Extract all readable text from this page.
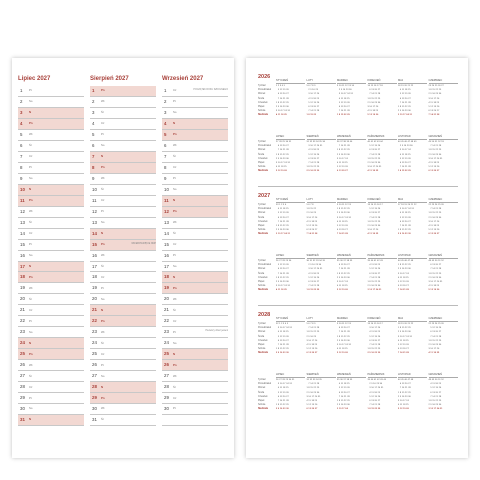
Lipiec 2027
1 Pt
2 So
3 N
4 Pn
5 Wt
6 Śr
7 Cz
8 Pt
9 So
10 N
11 Pn
12 Wt
13 Śr
14 Cz
15 Pt
16 So
17 N
18 Pn
19 Wt
20 Śr
21 Cz
22 Pt
23 So
24 N
25 Pn
26 Wt
27 Śr
28 Cz
29 Pt
30 So
31 N
Sierpień 2027
1 Pn
2 Wt
3 Śr
4 Cz
5 Pt
6 So
7 N
8 Pn
9 Wt
10 Śr
11 Cz
12 Pt
13 So
14 N
15 Pn	WNIEBOWZIĘCIE NMP
16 Wt
17 Śr
18 Cz
19 Pt
20 So
21 N
22 Pn
23 Wt
24 Śr
25 Cz
26 Pt
27 So
28 N
29 Pn
30 Wt
31 Śr
Wrzesień 2027
1 Cz	POCZĄTEK ROKU SZKOLNEGO
2 Pt
3 So
4 N
5 Pn
6 Wt
7 Śr
8 Cz
9 Pt
10 So
11 N
12 Pn
13 Wt
14 Śr
15 Cz
16 Pt
17 So
18 N
19 Pn
20 Wt
21 Śr
22 Cz
23 Pt	Pierwszy dzień jesieni
24 So
25 N
26 Pn
27 Wt
28 Śr
29 Cz
30 Pt
2026
Tydzień
Poniedziałek
Wtorek
Środa
Czwartek
Piątek
Sobota
Niedziela
STYCZEŃ
1 2 3 4 5
  5 12 19 26
  6 13 20 27
  7 14 21 28
1 8 15 22 29
2 9 16 23 30
3 10 17 24 31
4 11 18 25  
LUTY
5 6 7 8 9
  2 9 16 23
  3 10 17 24
  4 11 18 25
  5 12 19 26
  6 13 20 27
  7 14 21 28
1 8 15 22  
MARZEC
9 10 11 12 13 14
  2 9 16 23 30
  3 10 17 24 31
  4 11 18 25  
  5 12 19 26  
  6 13 20 27  
  7 14 21 28  
1 8 15 22 29  
KWIECIEŃ
14 15 16 17 18
  6 13 20 27
  7 14 21 28
1 8 15 22 29
2 9 16 23 30
3 10 17 24  
4 11 18 25  
5 12 19 26  
MAJ
18 19 20 21 22
  4 11 18 25
  5 12 19 26
  6 13 20 27
  7 14 21 28
1 8 15 22 29
2 9 16 23 30
3 10 17 24 31
CZERWIEC
23 24 25 26 27
1 8 15 22 29
2 9 16 23 30
3 10 17 24  
4 11 18 25  
5 12 19 26  
6 13 20 27  
7 14 21 28  
Tydzień
Poniedziałek
Wtorek
Środa
Czwartek
Piątek
Sobota
Niedziela
LIPIEC
27 28 29 30 31
  6 13 20 27
  7 14 21 28
1 8 15 22 29
2 9 16 23 30
3 10 17 24 31
4 11 18 25  
5 12 19 26  
SIERPIEŃ
31 32 33 34 35 36
  3 10 17 24 31
  4 11 18 25  
  5 12 19 26  
  6 13 20 27  
  7 14 21 28  
1 8 15 22 29  
2 9 16 23 30  
WRZESIEŃ
36 37 38 39 40
  7 14 21 28
1 8 15 22 29
2 9 16 23 30
3 10 17 24  
4 11 18 25  
5 12 19 26  
6 13 20 27  
PAŹDZIERNIK
40 41 42 43 44
  5 12 19 26
  6 13 20 27
  7 14 21 28
1 8 15 22 29
2 9 16 23 30
3 10 17 24 31
4 11 18 25  
LISTOPAD
44 45 46 47 48 49
  2 9 16 23 30
  3 10 17 24  
  4 11 18 25  
  5 12 19 26  
  6 13 20 27  
  7 14 21 28  
1 8 15 22 29  
GRUDZIEŃ
49 50 51 52 53
  7 14 21 28
1 8 15 22 29
2 9 16 23 30
3 10 17 24 31
4 11 18 25  
5 12 19 26  
6 13 20 27  
2027
Tydzień
Poniedziałek
Wtorek
Środa
Czwartek
Piątek
Sobota
Niedziela
STYCZEŃ
53 1 2 3 4
  4 11 18 25
  5 12 19 26
  6 13 20 27
  7 14 21 28
1 8 15 22 29
2 9 16 23 30
3 10 17 24 31
LUTY
5 6 7 8
1 8 15 22
2 9 16 23
3 10 17 24
4 11 18 25
5 12 19 26
6 13 20 27
7 14 21 28
MARZEC
9 10 11 12 13
1 8 15 22 29
2 9 16 23 30
3 10 17 24 31
4 11 18 25  
5 12 19 26  
6 13 20 27  
7 14 21 28  
KWIECIEŃ
13 14 15 16 17
  5 12 19 26
  6 13 20 27
  7 14 21 28
1 8 15 22 29
2 9 16 23 30
3 10 17 24  
4 11 18 25  
MAJ
17 18 19 20 21 22
  3 10 17 24 31
  4 11 18 25  
  5 12 19 26  
  6 13 20 27  
  7 14 21 28  
1 8 15 22 29  
2 9 16 23 30  
CZERWIEC
22 23 24 25 26
  7 14 21 28
1 8 15 22 29
2 9 16 23 30
3 10 17 24  
4 11 18 25  
5 12 19 26  
6 13 20 27  
Tydzień
Poniedziałek
Wtorek
Środa
Czwartek
Piątek
Sobota
Niedziela
LIPIEC
26 27 28 29 30
  5 12 19 26
  6 13 20 27
  7 14 21 28
1 8 15 22 29
2 9 16 23 30
3 10 17 24 31
4 11 18 25  
SIERPIEŃ
30 31 32 33 34 35
  2 9 16 23 30
  3 10 17 24 31
  4 11 18 25  
  5 12 19 26  
  6 13 20 27  
  7 14 21 28  
1 8 15 22 29  
WRZESIEŃ
35 36 37 38 39
  6 13 20 27
  7 14 21 28
1 8 15 22 29
2 9 16 23 30
3 10 17 24  
4 11 18 25  
5 12 19 26  
PAŹDZIERNIK
39 40 41 42 43
  4 11 18 25
  5 12 19 26
  6 13 20 27
  7 14 21 28
1 8 15 22 29
2 9 16 23 30
3 10 17 24 31
LISTOPAD
44 45 46 47 48
1 8 15 22 29
2 9 16 23 30
3 10 17 24  
4 11 18 25  
5 12 19 26  
6 13 20 27  
7 14 21 28  
GRUDZIEŃ
48 49 50 51 52
  6 13 20 27
  7 14 21 28
1 8 15 22 29
2 9 16 23 30
3 10 17 24 31
4 11 18 25  
5 12 19 26  
2028
Tydzień
Poniedziałek
Wtorek
Środa
Czwartek
Piątek
Sobota
Niedziela
STYCZEŃ
52 1 2 3 4 5
  3 10 17 24 31
  4 11 18 25  
  5 12 19 26  
  6 13 20 27  
  7 14 21 28  
1 8 15 22 29  
2 9 16 23 30  
LUTY
5 6 7 8 9
  7 14 21 28
1 8 15 22 29
2 9 16 23  
3 10 17 24  
4 11 18 25  
5 12 19 26  
6 13 20 27  
MARZEC
9 10 11 12 13
  6 13 20 27
  7 14 21 28
1 8 15 22 29
2 9 16 23 30
3 10 17 24 31
4 11 18 25  
5 12 19 26  
KWIECIEŃ
13 14 15 16 17
  3 10 17 24
  4 11 18 25
  5 12 19 26
  6 13 20 27
  7 14 21 28
1 8 15 22 29
2 9 16 23 30
MAJ
18 19 20 21 22
1 8 15 22 29
2 9 16 23 30
3 10 17 24 31
4 11 18 25  
5 12 19 26  
6 13 20 27  
7 14 21 28  
CZERWIEC
22 23 24 25 26
  5 12 19 26
  6 13 20 27
  7 14 21 28
1 8 15 22 29
2 9 16 23 30
3 10 17 24  
4 11 18 25  
Tydzień
Poniedziałek
Wtorek
Środa
Czwartek
Piątek
Sobota
Niedziela
LIPIEC
26 27 28 29 30 31
  3 10 17 24 31
  4 11 18 25  
  5 12 19 26  
  6 13 20 27  
  7 14 21 28  
1 8 15 22 29  
2 9 16 23 30  
SIERPIEŃ
31 32 33 34 35
  7 14 21 28
1 8 15 22 29
2 9 16 23 30
3 10 17 24 31
4 11 18 25  
5 12 19 26  
6 13 20 27  
WRZESIEŃ
35 36 37 38 39
  4 11 18 25
  5 12 19 26
  6 13 20 27
  7 14 21 28
1 8 15 22 29
2 9 16 23 30
3 10 17 24  
PAŹDZIERNIK
39 40 41 42 43 44
  2 9 16 23 30
  3 10 17 24 31
  4 11 18 25  
  5 12 19 26  
  6 13 20 27  
  7 14 21 28  
1 8 15 22 29  
LISTOPAD
44 45 46 47 48
  6 13 20 27
  7 14 21 28
1 8 15 22 29
2 9 16 23 30
3 10 17 24  
4 11 18 25  
5 12 19 26  
GRUDZIEŃ
48 49 50 51 52
  4 11 18 25
  5 12 19 26
  6 13 20 27
  7 14 21 28
1 8 15 22 29
2 9 16 23 30
3 10 17 24 31
